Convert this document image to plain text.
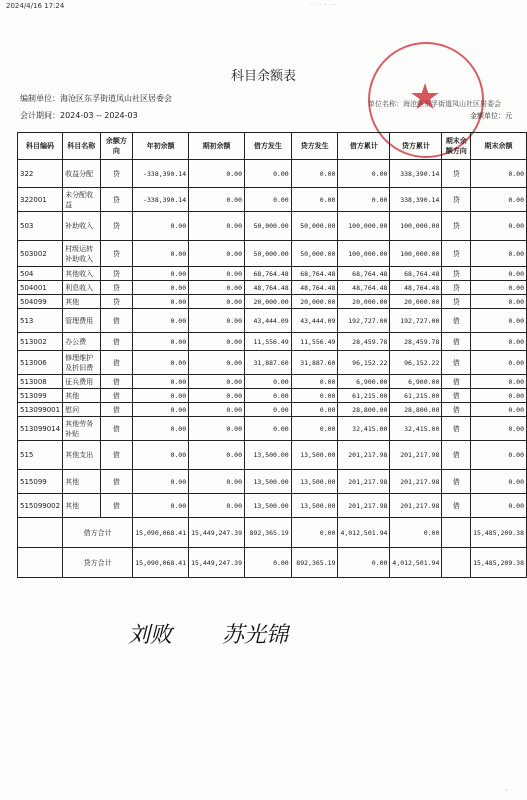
2024/4/16 17:24	· · ·· ·· · ··
★
科目余额表
编制单位：海沧区东孚街道凤山社区居委会
会计期间：2024-03 -- 2024-03
单位名称：海沧区东孚街道凤山社区居委会
金额单位：元
科目编码	科目名称	余额方向	年初余额	期初余额	借方发生	贷方发生	借方累计	贷方累计	期末余额方向	期末余额
322	收益分配	贷	-338,390.14	0.00	0.00	0.00	0.00	338,390.14	贷	0.00
322001	未分配收益	贷	-338,390.14	0.00	0.00	0.00	0.00	338,390.14	贷	0.00
503	补助收入	贷	0.00	0.00	50,000.00	50,000.00	100,000.00	100,000.00	贷	0.00
503002	村级运转补助收入	贷	0.00	0.00	50,000.00	50,000.00	100,000.00	100,000.00	贷	0.00
504	其他收入	贷	0.00	0.00	68,764.48	68,764.48	68,764.48	68,764.48	贷	0.00
504001	利息收入	贷	0.00	0.00	48,764.48	48,764.48	48,764.48	48,764.48	贷	0.00
504099	其他	贷	0.00	0.00	20,000.00	20,000.00	20,000.00	20,000.00	贷	0.00
513	管理费用	借	0.00	0.00	43,444.09	43,444.09	192,727.00	192,727.00	借	0.00
513002	办公费	借	0.00	0.00	11,556.49	11,556.49	28,459.78	28,459.78	借	0.00
513006	修理维护及折旧费	借	0.00	0.00	31,887.60	31,887.60	96,152.22	96,152.22	借	0.00
513008	征兵费用	借	0.00	0.00	0.00	0.00	6,900.00	6,900.00	借	0.00
513099	其他	借	0.00	0.00	0.00	0.00	61,215.00	61,215.00	借	0.00
513099001	慰问	借	0.00	0.00	0.00	0.00	28,800.00	28,800.00	借	0.00
513099014	其他劳务补贴	借	0.00	0.00	0.00	0.00	32,415.00	32,415.00	借	0.00
515	其他支出	借	0.00	0.00	13,500.00	13,500.00	201,217.98	201,217.98	借	0.00
515099	其他	借	0.00	0.00	13,500.00	13,500.00	201,217.98	201,217.98	借	0.00
515099002	其他	借	0.00	0.00	13,500.00	13,500.00	201,217.98	201,217.98	借	0.00
	借方合计		15,090,068.41	15,449,247.39	892,365.19	0.00	4,012,501.94	0.00		15,485,209.38
	贷方合计		15,090,068.41	15,449,247.39	0.00	892,365.19	0.00	4,012,501.94		15,485,209.38
刘败 苏光锦
·
